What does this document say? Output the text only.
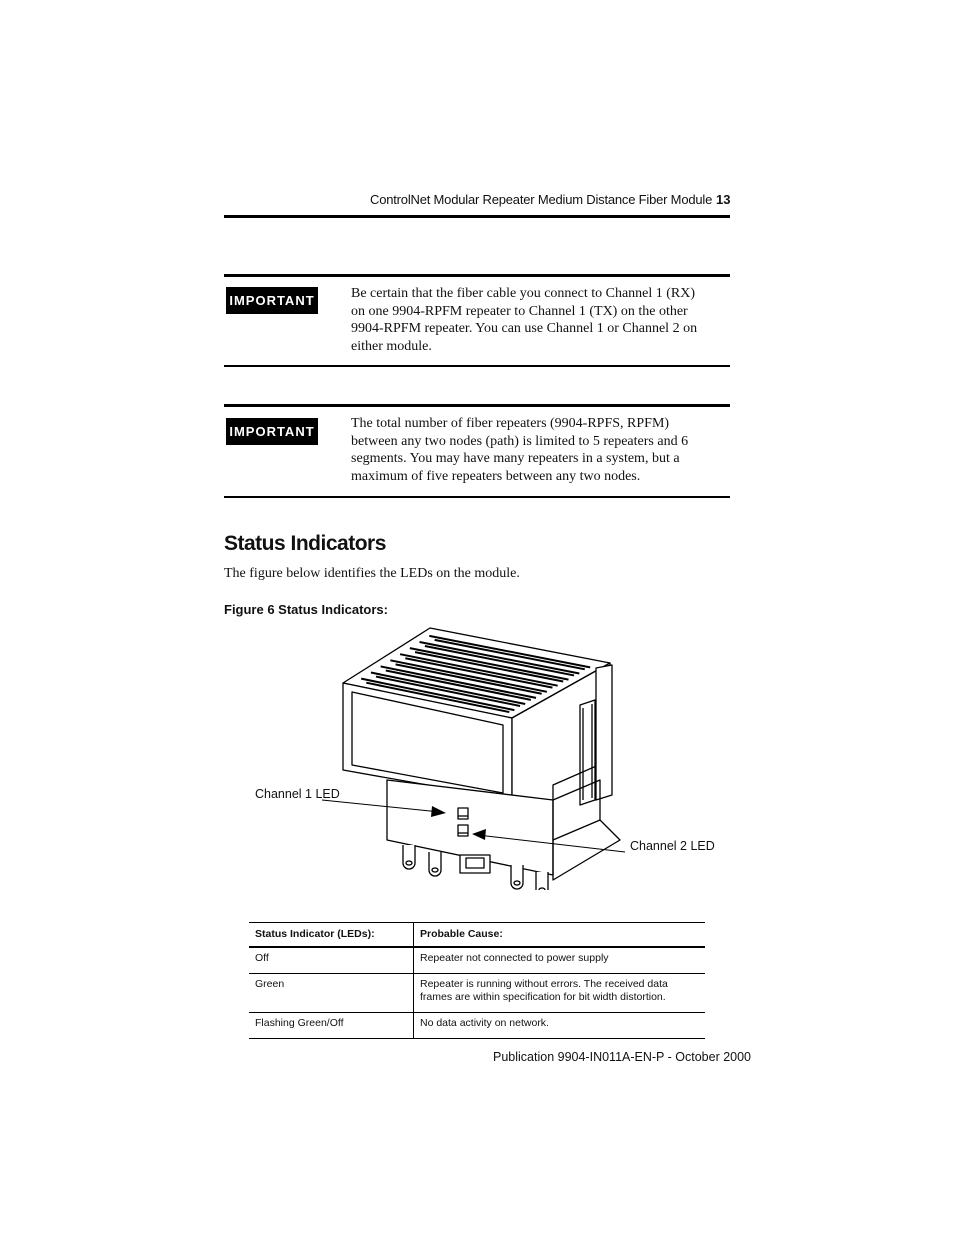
ControlNet Modular Repeater Medium Distance Fiber Module 13
IMPORTANT	Be certain that the fiber cable you connect to Channel 1 (RX)
on one 9904-RPFM repeater to Channel 1 (TX) on the other
9904-RPFM repeater. You can use Channel 1 or Channel 2 on
either module.
IMPORTANT
The total number of fiber repeaters (9904-RPFS, RPFM)
between any two nodes (path) is limited to 5 repeaters and 6
segments. You may have many repeaters in a system, but a
maximum of five repeaters between any two nodes.
Status Indicators
The figure below identifies the LEDs on the module.
Figure 6 Status Indicators:
Channel 1 LED
Channel 2 LED
Status Indicator (LEDs):	Probable Cause:
Off	Repeater not connected to power supply
Green	Repeater is running without errors. The received data frames are within specification for bit width distortion.
Flashing Green/Off	No data activity on network.
Publication 9904-IN011A-EN-P - October 2000
